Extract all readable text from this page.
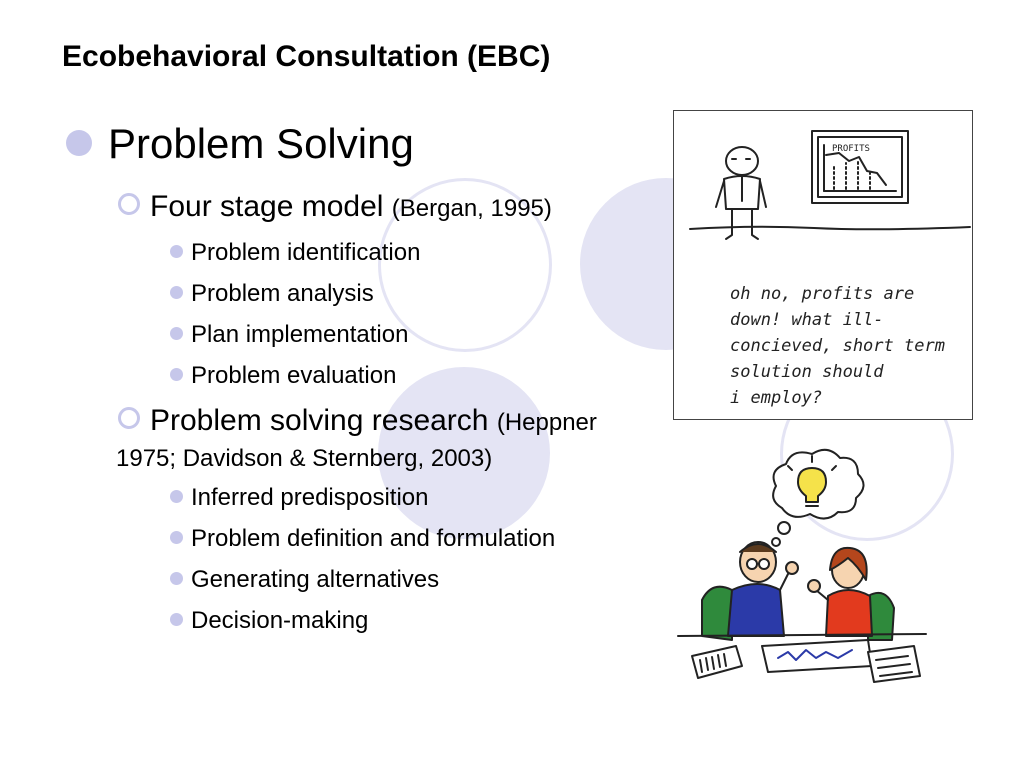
Ecobehavioral Consultation (EBC)
Problem Solving
Four stage model (Bergan, 1995)
Problem identification
Problem analysis
Plan implementation
Problem evaluation
Problem solving research (Heppner
1975; Davidson & Sternberg, 2003)
Inferred predisposition
Problem definition and formulation
Generating alternatives
Decision-making
PROFITS
oh no, profits are
down! what ill-
concieved, short term
solution should
i employ?
